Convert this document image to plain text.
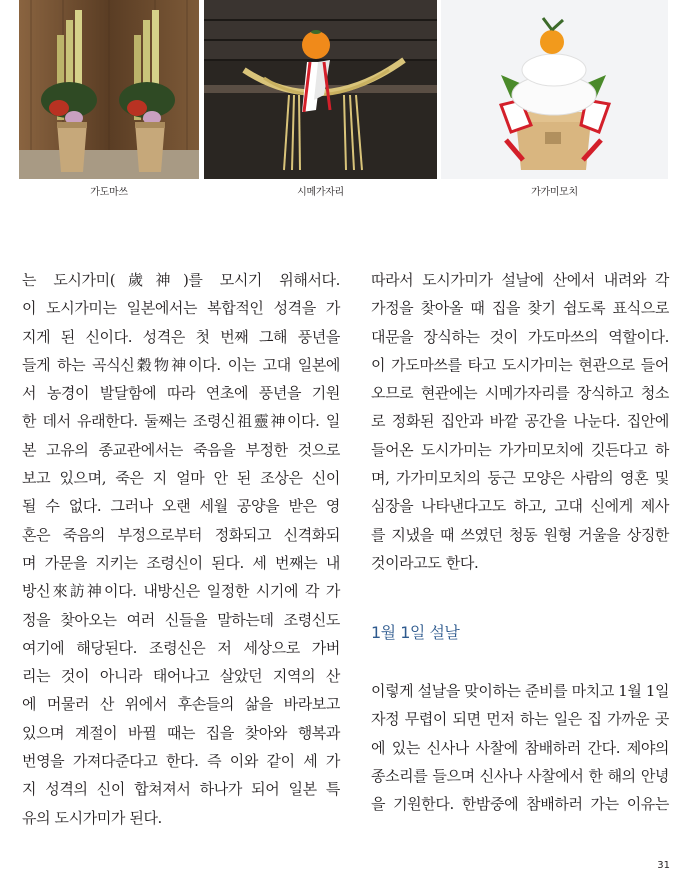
가도마쓰	시메가자리	가가미모치
는 도시가미(歲神)를 모시기 위해서다.
이 도시가미는 일본에서는 복합적인 성격을 가
지게 된 신이다. 성격은 첫 번째 그해 풍년을
들게 하는 곡식신穀物神이다. 이는 고대 일본에
서 농경이 발달함에 따라 연초에 풍년을 기원
한 데서 유래한다. 둘째는 조령신祖靈神이다. 일
본 고유의 종교관에서는 죽음을 부정한 것으로
보고 있으며, 죽은 지 얼마 안 된 조상은 신이
될 수 없다. 그러나 오랜 세월 공양을 받은 영
혼은 죽음의 부정으로부터 정화되고 신격화되
며 가문을 지키는 조령신이 된다. 세 번째는 내
방신來訪神이다. 내방신은 일정한 시기에 각 가
정을 찾아오는 여러 신들을 말하는데 조령신도
여기에 해당된다. 조령신은 저 세상으로 가버
리는 것이 아니라 태어나고 살았던 지역의 산
에 머물러 산 위에서 후손들의 삶을 바라보고
있으며 계절이 바뀔 때는 집을 찾아와 행복과
번영을 가져다준다고 한다. 즉 이와 같이 세 가
지 성격의 신이 합쳐져서 하나가 되어 일본 특
유의 도시가미가 된다.
따라서 도시가미가 설날에 산에서 내려와 각
가정을 찾아올 때 집을 찾기 쉽도록 표식으로
대문을 장식하는 것이 가도마쓰의 역할이다.
이 가도마쓰를 타고 도시가미는 현관으로 들어
오므로 현관에는 시메가자리를 장식하고 청소
로 정화된 집안과 바깥 공간을 나눈다. 집안에
들어온 도시가미는 가가미모치에 깃든다고 하
며, 가가미모치의 둥근 모양은 사람의 영혼 및
심장을 나타낸다고도 하고, 고대 신에게 제사
를 지냈을 때 쓰였던 청동 원형 거울을 상징한
것이라고도 한다.
1월 1일 설날
이렇게 설날을 맞이하는 준비를 마치고 1월 1일
자정 무렵이 되면 먼저 하는 일은 집 가까운 곳
에 있는 신사나 사찰에 참배하러 간다. 제야의
종소리를 들으며 신사나 사찰에서 한 해의 안녕
을 기원한다. 한밤중에 참배하러 가는 이유는
31
